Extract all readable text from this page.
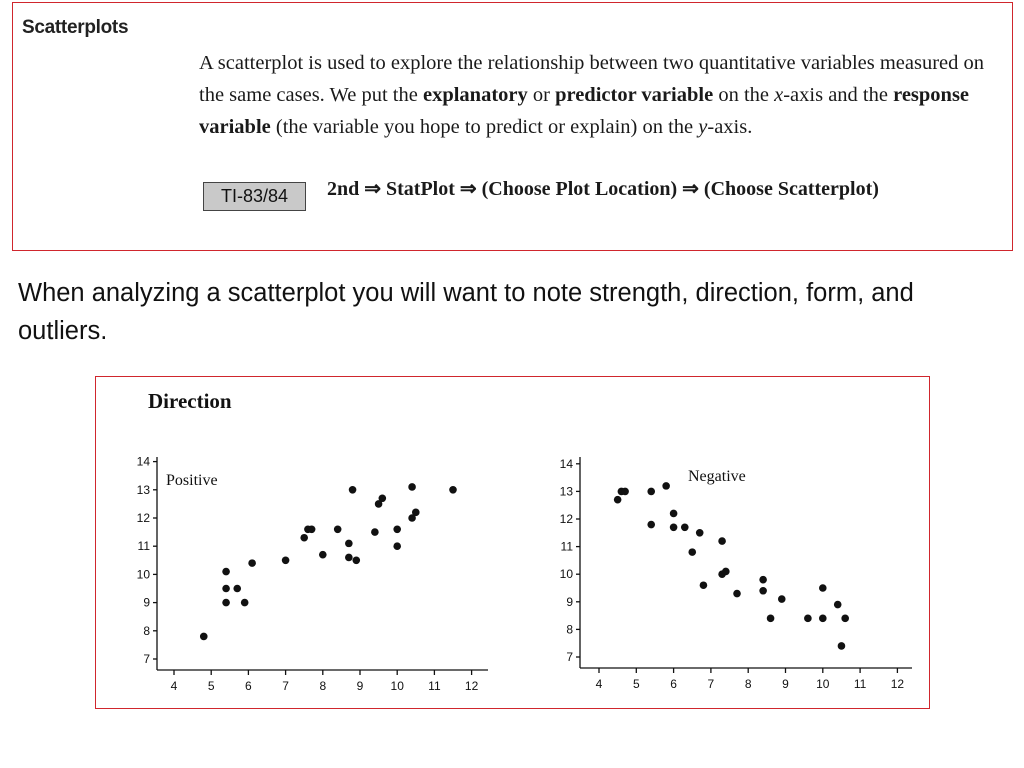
Scatterplots
A scatterplot is used to explore the relationship between two quantitative variables measured on the same cases. We put the explanatory or predictor variable on the x-axis and the response variable (the variable you hope to predict or explain) on the y-axis.
TI-83/84	2nd ⇒ StatPlot ⇒ (Choose Plot Location) ⇒ (Choose Scatterplot)
When analyzing a scatterplot you will want to note strength, direction, form, and outliers.
Direction
4	5	6	7	8	9 10 11 12
7
8
9
10
11
12
13
14
Positive
4	5	6	7	8	9 10 11 12
7
8
9
10
11
12
13
14
Negative
